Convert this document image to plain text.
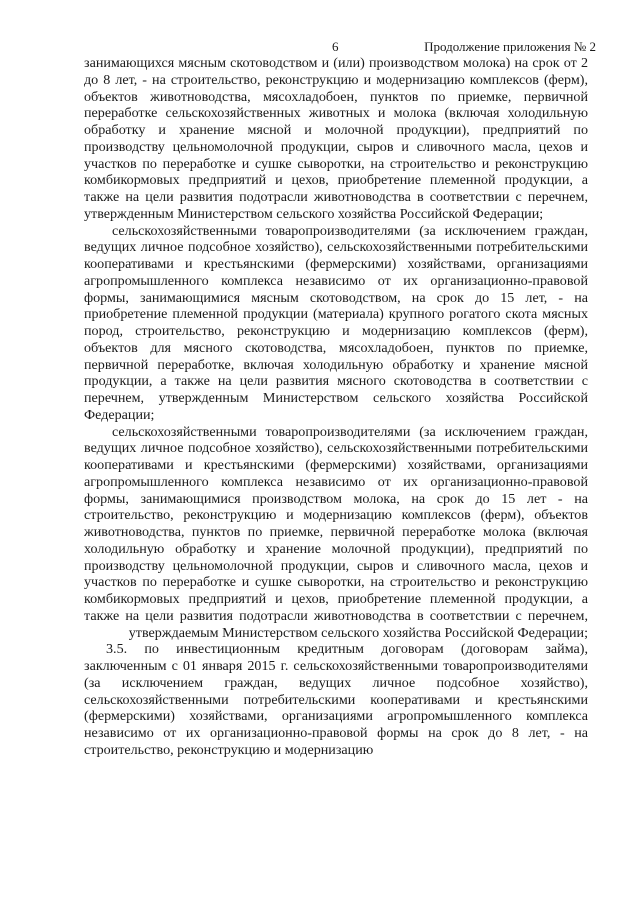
6	Продолжение приложения № 2

занимающихся мясным скотоводством и (или) производством молока) на срок от 2 до 8 лет, - на строительство, реконструкцию и модернизацию комплексов (ферм), объектов животноводства, мясохладобоен, пунктов по приемке, первичной переработке сельскохозяйственных животных и молока (включая холодильную обработку и хранение мясной и молочной продукции), предприятий по производству цельномолочной продукции, сыров и сливочного масла, цехов и участков по переработке и сушке сыворотки, на строительство и реконструкцию комбикормовых предприятий и цехов, приобретение племенной продукции, а также на цели развития подотрасли животноводства в соответствии с перечнем, утвержденным Министерством сельского хозяйства Российской Федерации;

сельскохозяйственными товаропроизводителями (за исключением граждан, ведущих личное подсобное хозяйство), сельскохозяйственными потребительскими кооперативами и крестьянскими (фермерскими) хозяйствами, организациями агропромышленного комплекса независимо от их организационно-правовой формы, занимающимися мясным скотоводством, на срок до 15 лет, - на приобретение племенной продукции (материала) крупного рогатого скота мясных пород, строительство, реконструкцию и модернизацию комплексов (ферм), объектов для мясного скотоводства, мясохладобоен, пунктов по приемке, первичной переработке, включая холодильную обработку и хранение мясной продукции, а также на цели развития мясного скотоводства в соответствии с перечнем, утвержденным Министерством сельского хозяйства Российской Федерации;

сельскохозяйственными товаропроизводителями (за исключением граждан, ведущих личное подсобное хозяйство), сельскохозяйственными потребительскими кооперативами и крестьянскими (фермерскими) хозяйствами, организациями агропромышленного комплекса независимо от их организационно-правовой формы, занимающимися производством молока, на срок до 15 лет - на строительство, реконструкцию и модернизацию комплексов (ферм), объектов животноводства, пунктов по приемке, первичной переработке молока (включая холодильную обработку и хранение молочной продукции), предприятий по производству цельномолочной продукции, сыров и сливочного масла, цехов и участков по переработке и сушке сыворотки, на строительство и реконструкцию комбикормовых предприятий и цехов, приобретение племенной продукции, а также на цели развития подотрасли животноводства в соответствии с перечнем, утверждаемым Министерством сельского хозяйства Российской Федерации;

3.5. по инвестиционным кредитным договорам (договорам займа), заключенным с 01 января 2015 г. сельскохозяйственными товаропроизводителями (за исключением граждан, ведущих личное подсобное хозяйство), сельскохозяйственными потребительскими кооперативами и крестьянскими (фермерскими) хозяйствами, организациями агропромышленного комплекса независимо от их организационно-правовой формы на срок до 8 лет, - на строительство, реконструкцию и модернизацию
